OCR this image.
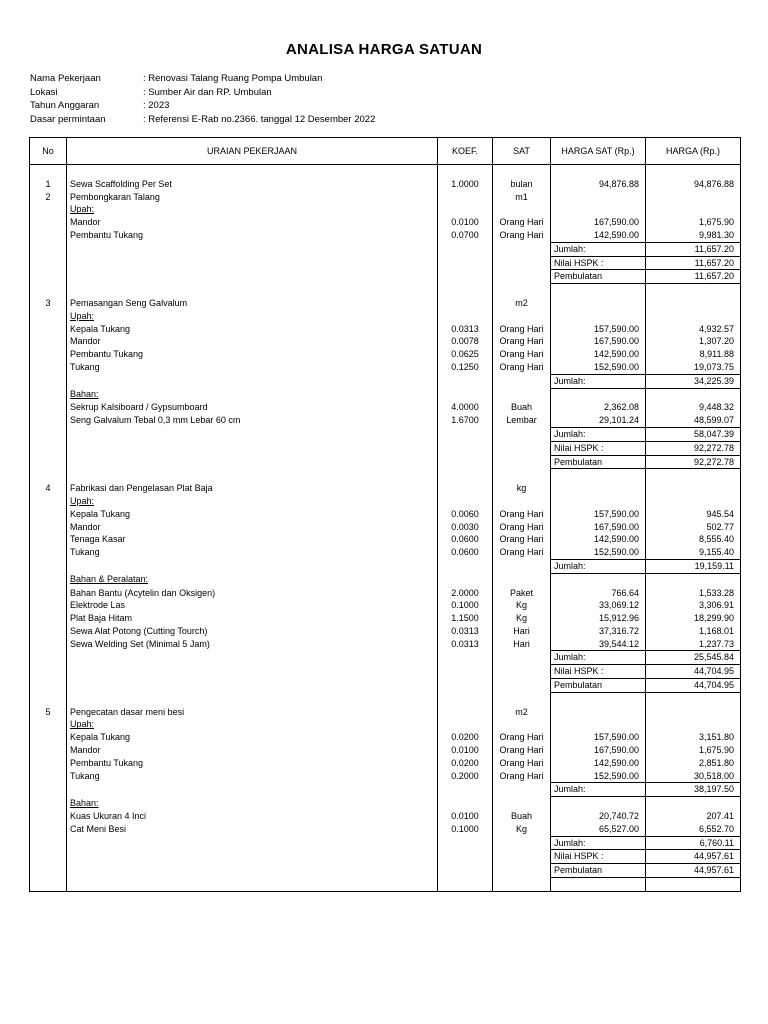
ANALISA HARGA SATUAN
Nama Pekerjaan	: Renovasi Talang Ruang Pompa Umbulan
Lokasi	: Sumber Air dan RP. Umbulan
Tahun Anggaran	: 2023
Dasar permintaan	: Referensi E-Rab no.2366. tanggal 12 Desember 2022
No	URAIAN PEKERJAAN	KOEF.	SAT	HARGA SAT (Rp.)	HARGA (Rp.)

1	Sewa Scaffolding Per Set	1.0000	bulan	94,876.88	94,876.88
2	Pembongkaran Talang		m1		
	Upah:				
	Mandor	0.0100	Orang Hari	167,590.00	1,675.90
	Pembantu Tukang	0.0700	Orang Hari	142,590.00	9,981.30
				Jumlah:	11,657.20
				Nilai HSPK :	11,657.20
				Pembulatan	11,657.20

3	Pemasangan Seng Galvalum		m2		
	Upah:				
	Kepala Tukang	0.0313	Orang Hari	157,590.00	4,932.57
	Mandor	0.0078	Orang Hari	167,590.00	1,307.20
	Pembantu Tukang	0.0625	Orang Hari	142,590.00	8,911.88
	Tukang	0.1250	Orang Hari	152,590.00	19,073.75
				Jumlah:	34,225.39
	Bahan:				
	Sekrup Kalsiboard / Gypsumboard	4.0000	Buah	2,362.08	9,448.32
	Seng Galvalum Tebal 0,3 mm Lebar 60 cm	1.6700	Lembar	29,101.24	48,599.07
				Jumlah:	58,047.39
				Nilai HSPK :	92,272.78
				Pembulatan	92,272.78

4	Fabrikasi dan Pengelasan Plat Baja		kg		
	Upah:				
	Kepala Tukang	0.0060	Orang Hari	157,590.00	945.54
	Mandor	0.0030	Orang Hari	167,590.00	502.77
	Tenaga Kasar	0.0600	Orang Hari	142,590.00	8,555.40
	Tukang	0.0600	Orang Hari	152,590.00	9,155.40
				Jumlah:	19,159.11
	Bahan & Peralatan:				
	Bahan Bantu (Acytelin dan Oksigen)	2.0000	Paket	766.64	1,533.28
	Elektrode Las	0.1000	Kg	33,069.12	3,306.91
	Plat Baja Hitam	1.1500	Kg	15,912.96	18,299.90
	Sewa Alat Potong (Cutting Tourch)	0.0313	Hari	37,316.72	1,168.01
	Sewa Welding Set (Minimal 5 Jam)	0.0313	Hari	39,544.12	1,237.73
				Jumlah:	25,545.84
				Nilai HSPK :	44,704.95
				Pembulatan	44,704.95

5	Pengecatan dasar meni besi		m2		
	Upah:				
	Kepala Tukang	0.0200	Orang Hari	157,590.00	3,151.80
	Mandor	0.0100	Orang Hari	167,590.00	1,675.90
	Pembantu Tukang	0.0200	Orang Hari	142,590.00	2,851.80
	Tukang	0.2000	Orang Hari	152,590.00	30,518.00
				Jumlah:	38,197.50
	Bahan:				
	Kuas Ukuran 4 Inci	0.0100	Buah	20,740.72	207.41
	Cat Meni Besi	0.1000	Kg	65,527.00	6,552.70
				Jumlah:	6,760.11
				Nilai HSPK :	44,957.61
				Pembulatan	44,957.61
